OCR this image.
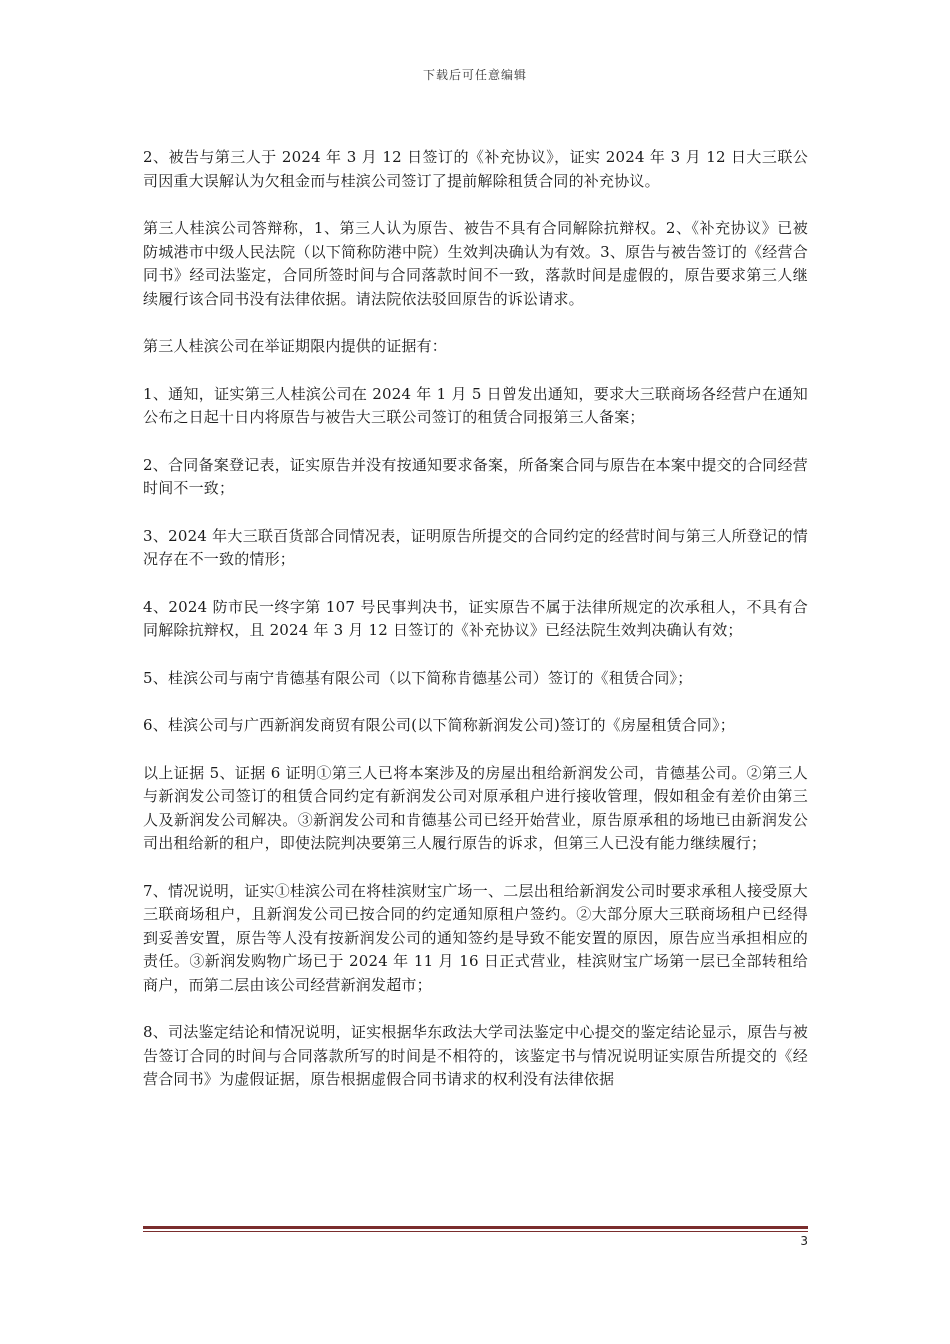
下载后可任意编辑

2、被告与第三人于 2024 年 3 月 12 日签订的《补充协议》，证实 2024 年 3 月 12 日大三联公司因重大误解认为欠租金而与桂滨公司签订了提前解除租赁合同的补充协议。

第三人桂滨公司答辩称，1、第三人认为原告、被告不具有合同解除抗辩权。2、《补充协议》已被防城港市中级人民法院（以下简称防港中院）生效判决确认为有效。3、原告与被告签订的《经营合同书》经司法鉴定，合同所签时间与合同落款时间不一致，落款时间是虚假的，原告要求第三人继续履行该合同书没有法律依据。请法院依法驳回原告的诉讼请求。

第三人桂滨公司在举证期限内提供的证据有：

1、通知，证实第三人桂滨公司在 2024 年 1 月 5 日曾发出通知，要求大三联商场各经营户在通知公布之日起十日内将原告与被告大三联公司签订的租赁合同报第三人备案；

2、合同备案登记表，证实原告并没有按通知要求备案，所备案合同与原告在本案中提交的合同经营时间不一致；

3、2024 年大三联百货部合同情况表，证明原告所提交的合同约定的经营时间与第三人所登记的情况存在不一致的情形；

4、2024 防市民一终字第 107 号民事判决书，证实原告不属于法律所规定的次承租人，不具有合同解除抗辩权，且 2024 年 3 月 12 日签订的《补充协议》已经法院生效判决确认有效；

5、桂滨公司与南宁肯德基有限公司（以下简称肯德基公司）签订的《租赁合同》；

6、桂滨公司与广西新润发商贸有限公司(以下简称新润发公司)签订的《房屋租赁合同》；

以上证据 5、证据 6 证明①第三人已将本案涉及的房屋出租给新润发公司，肯德基公司。②第三人与新润发公司签订的租赁合同约定有新润发公司对原承租户进行接收管理，假如租金有差价由第三人及新润发公司解决。③新润发公司和肯德基公司已经开始营业，原告原承租的场地已由新润发公司出租给新的租户，即使法院判决要第三人履行原告的诉求，但第三人已没有能力继续履行；

7、情况说明，证实①桂滨公司在将桂滨财宝广场一、二层出租给新润发公司时要求承租人接受原大三联商场租户，且新润发公司已按合同的约定通知原租户签约。②大部分原大三联商场租户已经得到妥善安置，原告等人没有按新润发公司的通知签约是导致不能安置的原因，原告应当承担相应的责任。③新润发购物广场已于 2024 年 11 月 16 日正式营业，桂滨财宝广场第一层已全部转租给商户，而第二层由该公司经营新润发超市；

8、司法鉴定结论和情况说明，证实根据华东政法大学司法鉴定中心提交的鉴定结论显示，原告与被告签订合同的时间与合同落款所写的时间是不相符的，该鉴定书与情况说明证实原告所提交的《经营合同书》为虚假证据，原告根据虚假合同书请求的权利没有法律依据

3
